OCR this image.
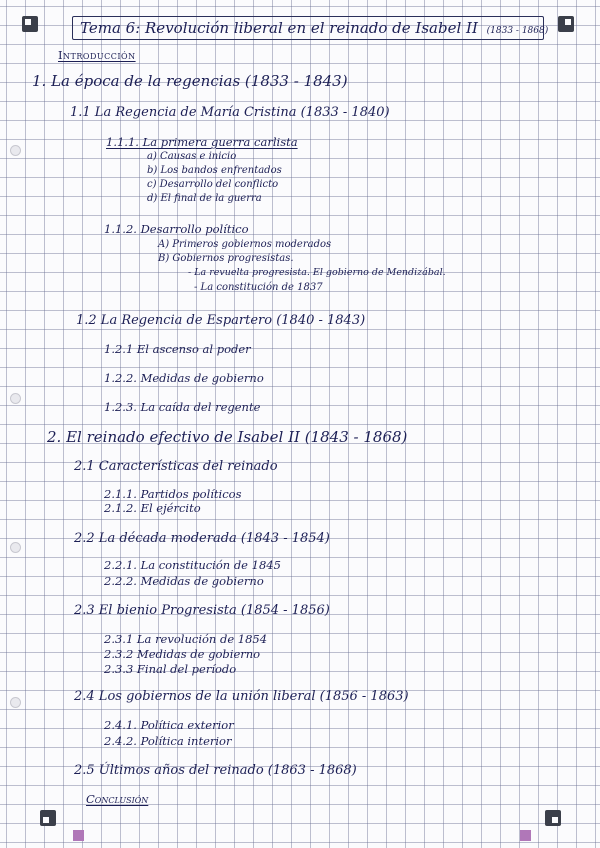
Tema 6: Revolución liberal en el reinado de Isabel II (1833 - 1868)
Introducción
1. La época de la regencias (1833 - 1843)
1.1 La Regencia de María Cristina (1833 - 1840)
1.1.1. La primera guerra carlista
a) Causas e inicio
b) Los bandos enfrentados
c) Desarrollo del conflicto
d) El final de la guerra
1.1.2. Desarrollo político
A) Primeros gobiernos moderados
B) Gobiernos progresistas.
- La revuelta progresista. El gobierno de Mendizábal.
- La constitución de 1837
1.2 La Regencia de Espartero (1840 - 1843)
1.2.1 El ascenso al poder
1.2.2. Medidas de gobierno
1.2.3. La caída del regente
2. El reinado efectivo de Isabel II (1843 - 1868)
2.1 Características del reinado
2.1.1. Partidos políticos
2.1.2. El ejército
2.2 La década moderada (1843 - 1854)
2.2.1. La constitución de 1845
2.2.2. Medidas de gobierno
2.3 El bienio Progresista (1854 - 1856)
2.3.1 La revolución de 1854
2.3.2 Medidas de gobierno
2.3.3 Final del período
2.4 Los gobiernos de la unión liberal (1856 - 1863)
2.4.1. Política exterior
2.4.2. Política interior
2.5 Últimos años del reinado (1863 - 1868)
Conclusión
